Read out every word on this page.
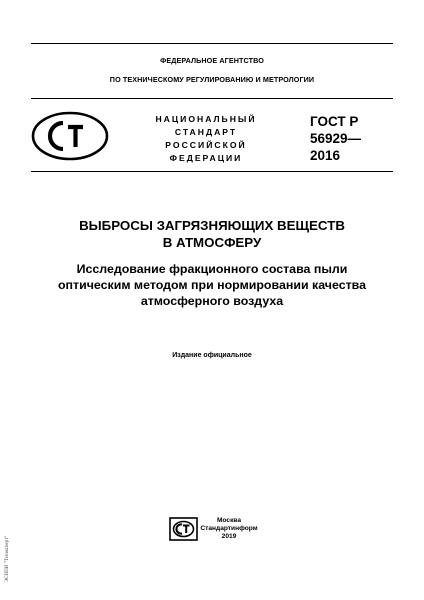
ФЕДЕРАЛЬНОЕ АГЕНТСТВО
ПО ТЕХНИЧЕСКОМУ РЕГУЛИРОВАНИЮ И МЕТРОЛОГИИ
НАЦИОНАЛЬНЫЙ
СТАНДАРТ
РОССИЙСКОЙ
ФЕДЕРАЦИИ
ГОСТ Р
56929—
2016
ВЫБРОСЫ ЗАГРЯЗНЯЮЩИХ ВЕЩЕСТВ
В АТМОСФЕРУ
Исследование фракционного состава пыли
оптическим методом при нормировании качества
атмосферного воздуха
Издание официальное
Москва
Стандартинформ
2019
ЭСНПИ "Техэксперт"
